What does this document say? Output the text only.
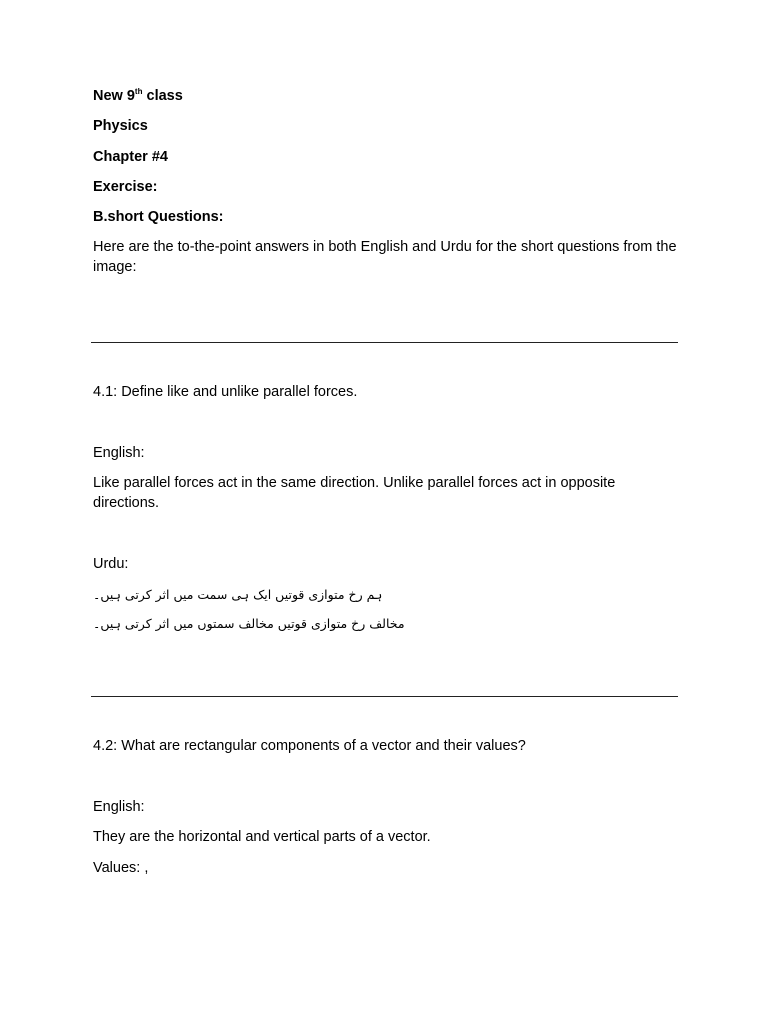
New 9th class
Physics
Chapter #4
Exercise:
B.short Questions:
Here are the to-the-point answers in both English and Urdu for the short questions from the image:
4.1: Define like and unlike parallel forces.
English:
Like parallel forces act in the same direction. Unlike parallel forces act in opposite directions.
Urdu:
ہم رخ متوازی قوتیں ایک ہی سمت میں اثر کرتی ہیں۔
مخالف رخ متوازی قوتیں مخالف سمتوں میں اثر کرتی ہیں۔
4.2: What are rectangular components of a vector and their values?
English:
They are the horizontal and vertical parts of a vector.
Values: ,
